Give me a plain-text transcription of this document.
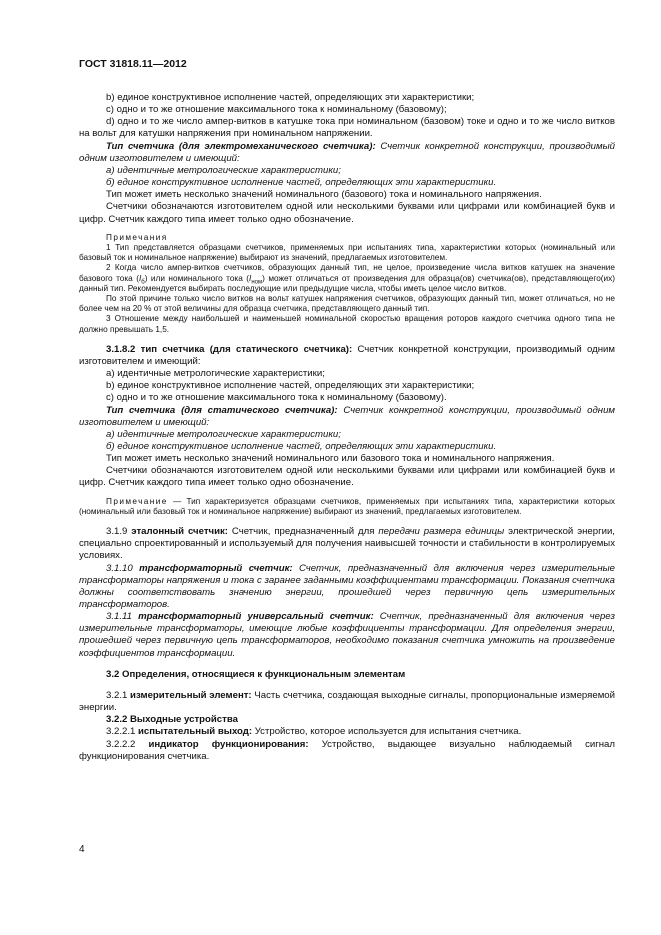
ГОСТ 31818.11—2012

b) единое конструктивное исполнение частей, определяющих эти характеристики;

c) одно и то же отношение максимального тока к номинальному (базовому);

d) одно и то же число ампер-витков в катушке тока при номинальном (базовом) токе и одно и то же число витков на вольт для катушки напряжения при номинальном напряжении.

Тип счетчика (для электромеханического счетчика): Счетчик конкретной конструкции, производимый одним изготовителем и имеющий:

а) идентичные метрологические характеристики;

б) единое конструктивное исполнение частей, определяющих эти характеристики.

Тип может иметь несколько значений номинального (базового) тока и номинального напряжения.

Счетчики обозначаются изготовителем одной или несколькими буквами или цифрами или комбинацией букв и цифр. Счетчик каждого типа имеет только одно обозначение.

Примечания

1 Тип представляется образцами счетчиков, применяемых при испытаниях типа, характеристики которых (номинальный или базовый ток и номинальное напряжение) выбирают из значений, предлагаемых изготовителем.

2 Когда число ампер-витков счетчиков, образующих данный тип, не целое, произведение числа витков катушек на значение базового тока $(I_б)$ или номинального тока $(I_{ном})$ может отличаться от произведения для образца(ов) счетчика(ов), представляющего(их) данный тип. Рекомендуется выбирать последующие или предыдущие числа, чтобы иметь целое число витков.

По этой причине только число витков на вольт катушек напряжения счетчиков, образующих данный тип, может отличаться, но не более чем на 20 % от этой величины для образца счетчика, представляющего данный тип.

3 Отношение между наибольшей и наименьшей номинальной скоростью вращения роторов каждого счетчика одного типа не должно превышать 1,5.

3.1.8.2 тип счетчика (для статического счетчика): Счетчик конкретной конструкции, производимый одним изготовителем и имеющий:

а) идентичные метрологические характеристики;

b) единое конструктивное исполнение частей, определяющих эти характеристики;

c) одно и то же отношение максимального тока к номинальному (базовому).

Тип счетчика (для статического счетчика): Счетчик конкретной конструкции, производимый одним изготовителем и имеющий:

а) идентичные метрологические характеристики;

б) единое конструктивное исполнение частей, определяющих эти характеристики.

Тип может иметь несколько значений номинального или базового тока и номинального напряжения.

Счетчики обозначаются изготовителем одной или несколькими буквами или цифрами или комбинацией букв и цифр. Счетчик каждого типа имеет только одно обозначение.

Примечание — Тип характеризуется образцами счетчиков, применяемых при испытаниях типа, характеристики которых (номинальный или базовый ток и номинальное напряжение) выбирают из значений, предлагаемых изготовителем.

3.1.9 эталонный счетчик: Счетчик, предназначенный для передачи размера единицы электрической энергии, специально спроектированный и используемый для получения наивысшей точности и стабильности в контролируемых условиях.

3.1.10 трансформаторный счетчик: Счетчик, предназначенный для включения через измерительные трансформаторы напряжения и тока с заранее заданными коэффициентами трансформации. Показания счетчика должны соответствовать значению энергии, прошедшей через первичную цепь измерительных трансформаторов.

3.1.11 трансформаторный универсальный счетчик: Счетчик, предназначенный для включения через измерительные трансформаторы, имеющие любые коэффициенты трансформации. Для определения энергии, прошедшей через первичную цепь трансформаторов, необходимо показания счетчика умножить на произведение коэффициентов трансформации.

3.2 Определения, относящиеся к функциональным элементам

3.2.1 измерительный элемент: Часть счетчика, создающая выходные сигналы, пропорциональные измеряемой энергии.

3.2.2 Выходные устройства

3.2.2.1 испытательный выход: Устройство, которое используется для испытания счетчика.

3.2.2.2 индикатор функционирования: Устройство, выдающее визуально наблюдаемый сигнал функционирования счетчика.

4
